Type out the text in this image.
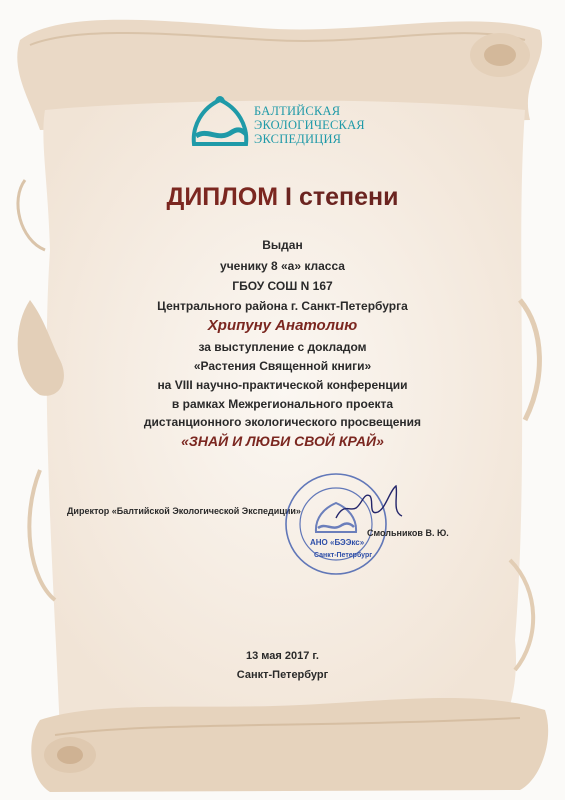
БАЛТИЙСКАЯ
ЭКОЛОГИЧЕСКАЯ
ЭКСПЕДИЦИЯ
ДИПЛОМ I степени
Выдан
ученику 8 «а» класса
ГБОУ СОШ N 167
Центрального района г. Санкт-Петербурга
Хрипуну Анатолию
за выступление с докладом
«Растения Священной книги»
на VIII научно-практической конференции
в рамках Межрегионального проекта
дистанционного экологического просвещения
«ЗНАЙ И ЛЮБИ СВОЙ КРАЙ»
Директор «Балтийской Экологической Экспедиции»
АНО «БЭЭкс»
Санкт-Петербург
Смольников В. Ю.
13 мая 2017 г.
Санкт-Петербург
